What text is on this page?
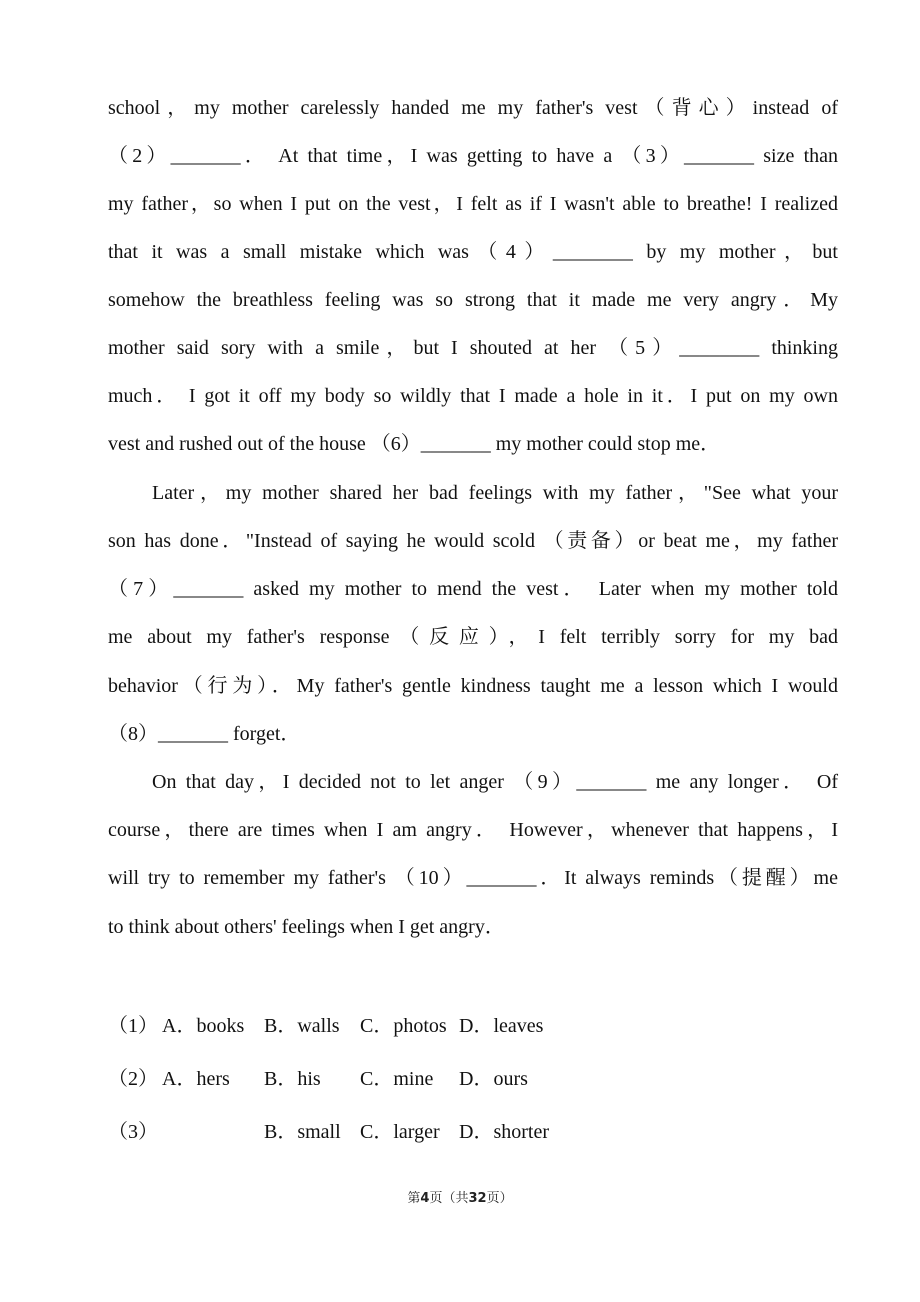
school，my mother carelessly handed me my father's vest（背心）instead of
（2）_______． At that time，I was getting to have a （3）_______ size than
my father，so when I put on the vest，I felt as if I wasn't able to breathe! I realized
that it was a small mistake which was（4）________ by my mother，but
somehow the breathless feeling was so strong that it made me very angry．My
mother said sory with a smile，but I shouted at her （5）________ thinking
much． I got it off my body so wildly that I made a hole in it．I put on my own
vest and rushed out of the house （6）_______ my mother could stop me．
Later，my mother shared her bad feelings with my father，"See what your
son has done．"Instead of saying he would scold （责备）or beat me，my father
（7）_______ asked my mother to mend the vest． Later when my mother told
me about my father's response（反应），I felt terribly sorry for my bad
behavior（行为）．My father's gentle kindness taught me a lesson which I would
（8）_______ forget．
On that day，I decided not to let anger （9）_______ me any longer． Of
course，there are times when I am angry． However，whenever that happens，I
will try to remember my father's （10）_______．It always reminds（提醒）me
to think about others' feelings when I get angry．
（1） A．books B．walls C．photos D．leaves
（2） A．hers B．his C．mine D．ours
（3）	B．small C．larger D．shorter
第4页（共32页）
